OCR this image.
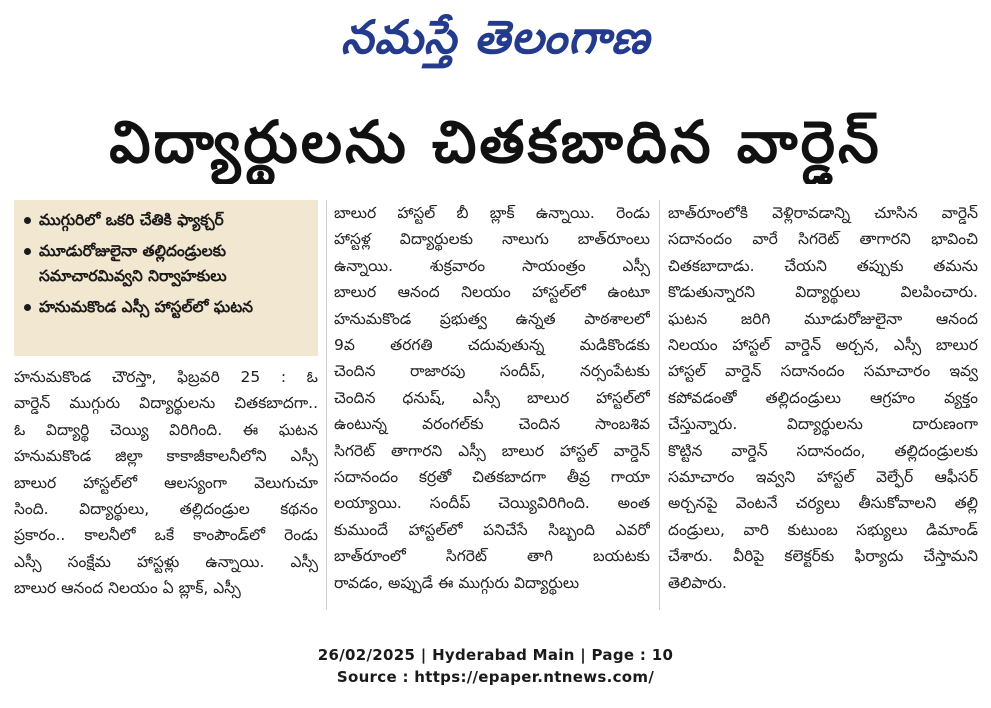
నమస్తే తెలంగాణ
విద్యార్థులను చితకబాదిన వార్డెన్
ముగ్గురిలో ఒకరి చేతికి ఫ్యాక్చర్
మూడురోజులైనా తల్లిదండ్రులకు సమాచారమివ్వని నిర్వాహకులు
హనుమకొండ ఎస్సీ హాస్టల్‌లో ఘటన
హనుమకొండ చౌరస్తా, ఫిబ్రవరి 25 : ఓ
వార్డెన్ ముగ్గురు విద్యార్థులను చితకబాదగా..
ఓ విద్యార్థి చెయ్యి విరిగింది. ఈ ఘటన
హనుమకొండ జిల్లా కాకాజీకాలనీలోని ఎస్సీ
బాలుర హాస్టల్‌లో ఆలస్యంగా వెలుగుచూ
సింది. విద్యార్థులు, తల్లిదండ్రుల కథనం
ప్రకారం.. కాలనీలో ఒకే కాంపౌండ్‌లో రెండు
ఎస్సీ సంక్షేమ హాస్టళ్లు ఉన్నాయి. ఎస్సీ
బాలుర ఆనంద నిలయం ఏ బ్లాక్, ఎస్సీ
బాలుర హాస్టల్ బీ బ్లాక్ ఉన్నాయి. రెండు
హాస్టళ్ల విద్యార్థులకు నాలుగు బాత్‌రూంలు
ఉన్నాయి. శుక్రవారం సాయంత్రం ఎస్సీ
బాలుర ఆనంద నిలయం హాస్టల్‌లో ఉంటూ
హనుమకొండ ప్రభుత్వ ఉన్నత పాఠశాలలో
9వ తరగతి చదువుతున్న మడికొండకు
చెందిన రాజారపు సందీప్, నర్సంపేటకు
చెందిన ధనుష్, ఎస్సీ బాలుర హాస్టల్‌లో
ఉంటున్న వరంగల్‌కు చెందిన సాంబశివ
సిగరెట్ తాగారని ఎస్సీ బాలుర హాస్టల్ వార్డెన్
సదానందం కర్రతో చితకబాదగా తీవ్ర గాయా
లయ్యాయి. సందీప్ చెయ్యివిరిగింది. అంత
కుముందే హాస్టల్‌లో పనిచేసే సిబ్బంది ఎవరో
బాత్‌రూంలో సిగరెట్ తాగి బయటకు
రావడం, అప్పుడే ఈ ముగ్గురు విద్యార్థులు
బాత్‌రూంలోకి వెళ్లిరావడాన్ని చూసిన వార్డెన్
సదానందం వారే సిగరెట్ తాగారని భావించి
చితకబాదాడు. చేయని తప్పుకు తమను
కొడుతున్నారని విద్యార్థులు విలపించారు.
ఘటన జరిగి మూడురోజులైనా ఆనంద
నిలయం హాస్టల్ వార్డెన్ అర్చన, ఎస్సీ బాలుర
హాస్టల్ వార్డెన్ సదానందం సమాచారం ఇవ్వ
కపోవడంతో తల్లిదండ్రులు ఆగ్రహం వ్యక్తం
చేస్తున్నారు. విద్యార్థులను దారుణంగా
కొట్టిన వార్డెన్ సదానందం, తల్లిదండ్రులకు
సమాచారం ఇవ్వని హాస్టల్ వెల్ఫేర్ ఆఫీసర్
అర్చనపై వెంటనే చర్యలు తీసుకోవాలని తల్లి
దండ్రులు, వారి కుటుంబ సభ్యులు డిమాండ్
చేశారు. వీరిపై కలెక్టర్‌కు ఫిర్యాదు చేస్తామని
తెలిపారు.
26/02/2025 | Hyderabad Main | Page : 10
Source : https://epaper.ntnews.com/
